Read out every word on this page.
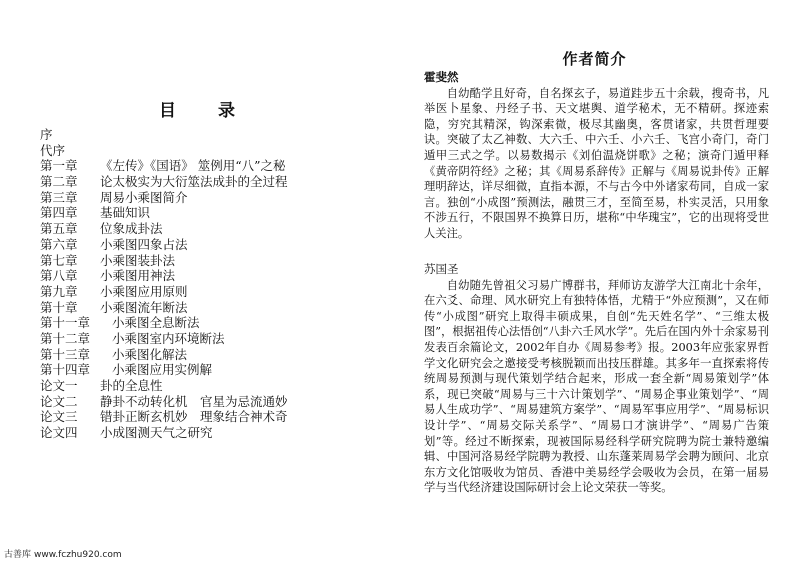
目 录
序
代序
第一章	《左传》《国语》 筮例用“八”之秘
第二章	论太极实为大衍筮法成卦的全过程
第三章	周易小乘图简介
第四章	基础知识
第五章	位象成卦法
第六章	小乘图四象占法
第七章	小乘图装卦法
第八章	小乘图用神法
第九章	小乘图应用原则
第十章	小乘图流年断法
第十一章	小乘图全息断法
第十二章	小乘图室内环境断法
第十三章	小乘图化解法
第十四章	小乘图应用实例解
论文一	卦的全息性
论文二	静卦不动转化机　官星为忌流通妙
论文三	错卦正断玄机妙　理象结合神术奇
论文四	小成图测天气之研究
作者简介
霍斐然

自幼酷学且好奇，自名探玄子，易道跬步五十余载，搜奇书，凡举医卜星象、丹经子书、天文堪舆、道学秘术，无不精研。探迹索隐，穷究其精深，钩深索微，极尽其幽奥，客贯诸家，共贯哲理要诀。突破了太乙神数、大六壬、中六壬、小六壬、飞宫小奇门，奇门遁甲三式之学。以易数揭示《刘伯温烧饼歌》之秘；演奇门遁甲释《黄帝阴符经》之秘；其《周易系辞传》正解与《周易说卦传》正解理明辞达，详尽细微，直指本源，不与古今中外诸家苟同，自成一家言。独创“小成图”预测法，融贯三才，至简至易，朴实灵活，只用象不涉五行，不限国界不换算日历，堪称“中华瑰宝”，它的出现将受世人关注。

苏国圣

自幼随先曾祖父习易广博群书，拜师访友游学大江南北十余年，在六爻、命理、风水研究上有独特体悟，尤精于“外应预测”，又在师传“小成图”研究上取得丰硕成果，自创“先天姓名学”、“三维太极图”，根据祖传心法悟创“八卦六壬风水学”。先后在国内外十余家易刊发表百余篇论文，2002年自办《周易参考》报。2003年应张家界哲学文化研究会之邀接受考核脱颖而出技压群雄。其多年一直探索将传统周易预测与现代策划学结合起来，形成一套全新“周易策划学”体系，现已突破“周易与三十六计策划学”、“周易企事业策划学”、“周易人生成功学”、“周易建筑方案学”、“周易军事应用学”、“周易标识设计学”、“周易交际关系学”、“周易口才演讲学”、“周易广告策划”等。经过不断探索，现被国际易经科学研究院聘为院士兼特邀编辑、中国河洛易经学院聘为教授、山东蓬莱周易学会聘为顾问、北京东方文化馆吸收为馆员、香港中美易经学会吸收为会员，在第一届易学与当代经济建设国际研讨会上论文荣获一等奖。

古善库 www.fczhu920.com
